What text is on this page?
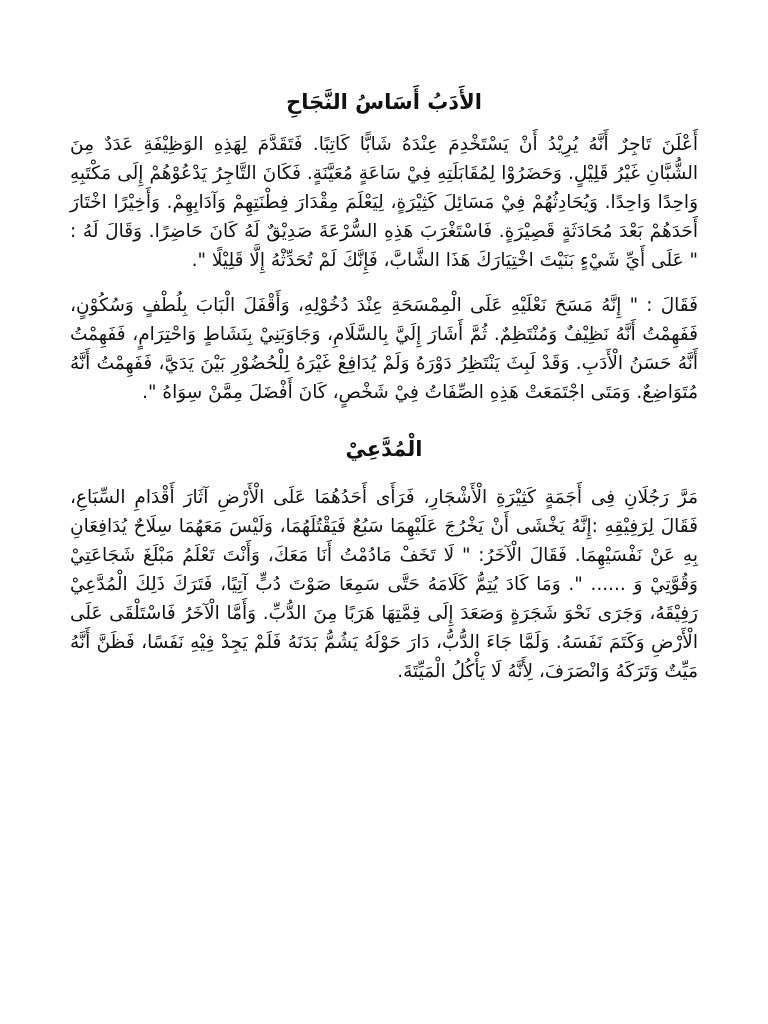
الأَدَبُ أَسَاسُ النَّجَاحِ

أَعْلَنَ تَاجِرٌ أَنَّهُ يُرِيْدُ أَنْ يَسْتَخْدِمَ عِنْدَهُ شَابًّا كَاتِبًا. فَتَقَدَّمَ لِهَذِهِ الوَظِيْفَةِ عَدَدٌ مِنَ الشُّبَّانِ غَيْرُ قَلِيْلٍ. وَحَضَرُوْا لِمُقَابَلَتِهِ فِيْ سَاعَةٍ مُعَيَّنَةٍ. فَكَانَ التَّاجِرُ يَدْعُوْهُمْ إِلَى مَكْتَبِهِ وَاحِدًا وَاحِدًا. وَيُحَادِثُهُمْ فِيْ مَسَائِلَ كَثِيْرَةٍ، لِيَعْلَمَ مِقْدَارَ فِطْنَتِهِمْ وَآدَابِهِمْ. وَأَخِيْرًا اخْتَارَ أَحَدَهُمْ بَعْدَ مُحَادَثَةٍ قَصِيْرَةٍ. فَاسْتَغْرَبَ هَذِهِ السُّرْعَةَ صَدِيْقٌ لَهُ كَانَ حَاضِرًا. وَقَالَ لَهُ : " عَلَى أَيِّ شَيْءٍ بَنَيْتَ اخْتِيَارَكَ هَذَا الشَّابَّ، فَإِنَّكَ لَمْ تُحَدِّثْهُ إِلَّا قَلِيْلًا ".

فَقَالَ : " إِنَّهُ مَسَحَ نَعْلَيْهِ عَلَى الْمِمْسَحَةِ عِنْدَ دُخُوْلِهِ، وَأَقْفَلَ الْبَابَ بِلُطْفٍ وَسُكُوْنٍ، فَفَهِمْتُ أَنَّهُ نَظِيْفٌ وَمُنْتَظِمٌ. ثُمَّ أَشَارَ إِلَيَّ بِالسَّلَامِ، وَجَاوَبَنِيْ بِنَشَاطٍ وَاحْتِرَامٍ، فَفَهِمْتُ أَنَّهُ حَسَنُ الْأَدَبِ. وَقَدْ لَبِثَ يَنْتَظِرُ دَوْرَهُ وَلَمْ يُدَافِعْ غَيْرَهُ لِلْحُضُوْرِ بَيْنَ يَدَيَّ، فَفَهِمْتُ أَنَّهُ مُتَوَاضِعٌ. وَمَتَى اجْتَمَعَتْ هَذِهِ الصِّفَاتُ فِيْ شَخْصٍ، كَانَ أَفْضَلَ مِمَّنْ سِوَاهُ ".

الْمُدَّعِيْ

مَرَّ رَجُلَانِ فِى أَجَمَةٍ كَثِيْرَةِ الْأَشْجَارِ، فَرَأَى أَحَدُهُمَا عَلَى الْأَرْضِ آثَارَ أَقْدَامِ السِّبَاعِ، فَقَالَ لِرَفِيْقِهِ :إِنَّهُ يَخْشَى أَنْ يَخْرُجَ عَلَيْهِمَا سَبُعٌ فَيَقْتُلَهُمَا، وَلَيْسَ مَعَهُمَا سِلَاحٌ يُدَافِعَانِ بِهِ عَنْ نَفْسَيْهِمَا. فَقَالَ الْآخَرُ: " لَا تَخَفْ مَادُمْتُ أَنَا مَعَكَ، وَأَنْتَ تَعْلَمُ مَبْلَغَ شَجَاعَتِيْ وَقُوَّتِيْ وَ ...... ". وَمَا كَادَ يُتِمُّ كَلَامَهُ حَتَّى سَمِعَا صَوْتَ دُبٍّ آتِيًا، فَتَرَكَ ذَلِكَ الْمُدَّعِيْ رَفِيْقَهُ، وَجَرَى نَحْوَ شَجَرَةٍ وَصَعَدَ إِلَى قِمَّتِهَا هَرَبًا مِنَ الدُّبِّ. وَأَمَّا الْآخَرُ فَاسْتَلْقَى عَلَى الْأَرْضِ وَكَتَمَ نَفَسَهُ. وَلَمَّا جَاءَ الدُّبُّ، دَارَ حَوْلَهُ يَشُمُّ بَدَنَهُ فَلَمْ يَجِدْ فِيْهِ نَفَسًا، فَظَنَّ أَنَّهُ مَيِّتٌ وَتَرَكَهُ وَانْصَرَفَ، لِأَنَّهُ لَا يَأْكُلُ الْمَيِّتَةَ.
